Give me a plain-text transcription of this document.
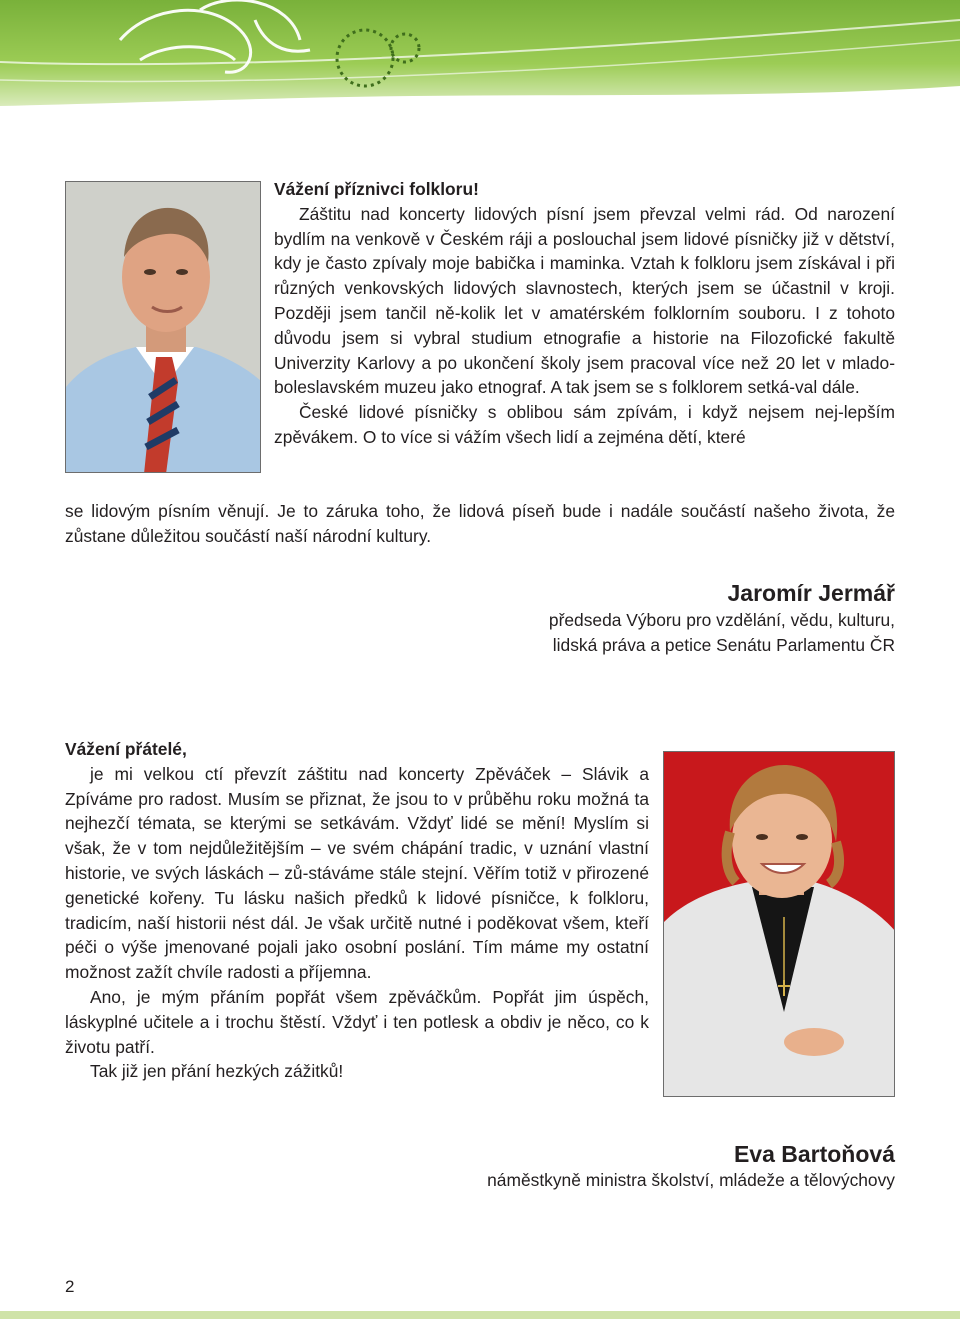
Vážení příznivci folkloru!

Záštitu nad koncerty lidových písní jsem převzal velmi rád. Od narození bydlím na venkově v Českém ráji a poslouchal jsem lidové písničky již v dětství, kdy je často zpívaly moje babička i maminka. Vztah k folkloru jsem získával i při různých venkovských lidových slavnostech, kterých jsem se účastnil v kroji. Později jsem tančil ně-kolik let v amatérském folklorním souboru. I z tohoto důvodu jsem si vybral studium etnografie a historie na Filozofické fakultě Univerzity Karlovy a po ukončení školy jsem pracoval více než 20 let v mlado-boleslavském muzeu jako etnograf. A tak jsem se s folklorem setká-val dále.

České lidové písničky s oblibou sám zpívám, i když nejsem nej-lepším zpěvákem. O to více si vážím všech lidí a zejména dětí, které

se lidovým písním věnují. Je to záruka toho, že lidová píseň bude i nadále součástí našeho života, že zůstane důležitou součástí naší národní kultury.

Jaromír Jermář
předseda Výboru pro vzdělání, vědu, kulturu,
lidská práva a petice Senátu Parlamentu ČR

Vážení přátelé,

je mi velkou ctí převzít záštitu nad koncerty Zpěváček – Slávik a Zpíváme pro radost. Musím se přiznat, že jsou to v průběhu roku možná ta nejhezčí témata, se kterými se setkávám. Vždyť lidé se mění! Myslím si však, že v tom nejdůležitějším – ve svém chápání tradic, v uznání vlastní historie, ve svých láskách – zů-stáváme stále stejní. Věřím totiž v přirozené genetické kořeny. Tu lásku našich předků k lidové písničce, k folkloru, tradicím, naší historii nést dál. Je však určitě nutné i poděkovat všem, kteří péči o výše jmenované pojali jako osobní poslání. Tím máme my ostatní možnost zažít chvíle radosti a příjemna.

Ano, je mým přáním popřát všem zpěváčkům. Popřát jim úspěch, láskyplné učitele a i trochu štěstí. Vždyť i ten potlesk a obdiv je něco, co k životu patří.

Tak již jen přání hezkých zážitků!

Eva Bartoňová
náměstkyně ministra školství, mládeže a tělovýchovy
2
